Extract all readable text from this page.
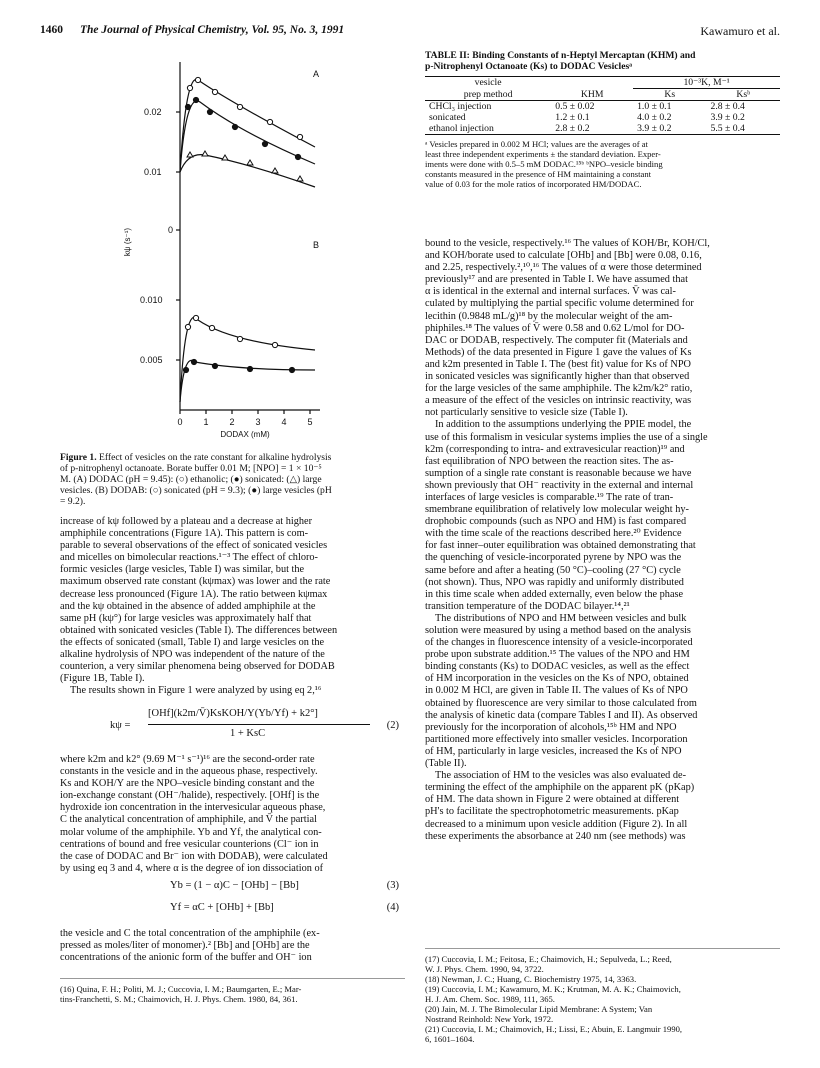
1460 The Journal of Physical Chemistry, Vol. 95, No. 3, 1991	Kawamuro et al.
A
B
0.02
0.01
0
0.010
0.005
kψ (s⁻¹)
0 1 2 3 4 5
DODAX (mM)
Figure 1. Effect of vesicles on the rate constant for alkaline hydrolysis
of p-nitrophenyl octanoate. Borate buffer 0.01 M; [NPO] = 1 × 10⁻⁵
M. (A) DODAC (pH = 9.45): (○) ethanolic; (●) sonicated: (△) large
vesicles. (B) DODAB: (○) sonicated (pH = 9.3); (●) large vesicles (pH
= 9.2).
increase of kψ followed by a plateau and a decrease at higher
amphiphile concentrations (Figure 1A). This pattern is com-
parable to several observations of the effect of sonicated vesicles
and micelles on bimolecular reactions.¹⁻³ The effect of chloro-
formic vesicles (large vesicles, Table I) was similar, but the
maximum observed rate constant (kψmax) was lower and the rate
decrease less pronounced (Figure 1A). The ratio between kψmax
and the kψ obtained in the absence of added amphiphile at the
same pH (kψ°) for large vesicles was approximately half that
obtained with sonicated vesicles (Table I). The differences between
the effects of sonicated (small, Table I) and large vesicles on the
alkaline hydrolysis of NPO was independent of the nature of the
counterion, a very similar phenomena being observed for DODAB
(Figure 1B, Table I).
The results shown in Figure 1 were analyzed by using eq 2,¹⁶
kψ =
[OHf](k2m/V̄)KsKOH/Y(Yb/Yf) + k2°]
1 + KsC
(2)
where k2m and k2° (9.69 M⁻¹ s⁻¹)¹⁶ are the second-order rate
constants in the vesicle and in the aqueous phase, respectively.
Ks and KOH/Y are the NPO–vesicle binding constant and the
ion-exchange constant (OH⁻/halide), respectively. [OHf] is the
hydroxide ion concentration in the intervesicular aqueous phase,
C the analytical concentration of amphiphile, and V̄ the partial
molar volume of the amphiphile. Yb and Yf, the analytical con-
centrations of bound and free vesicular counterions (Cl⁻ ion in
the case of DODAC and Br⁻ ion with DODAB), were calculated
by using eq 3 and 4, where α is the degree of ion dissociation of
Yb = (1 − α)C − [OHb] − [Bb]	(3)
Yf = αC + [OHb] + [Bb]	(4)
the vesicle and C the total concentration of the amphiphile (ex-
pressed as moles/liter of monomer).² [Bb] and [OHb] are the
concentrations of the anionic form of the buffer and OH⁻ ion
(16) Quina, F. H.; Politi, M. J.; Cuccovia, I. M.; Baumgarten, E.; Mar-
tins-Franchetti, S. M.; Chaimovich, H. J. Phys. Chem. 1980, 84, 361.
TABLE II: Binding Constants of n-Heptyl Mercaptan (KHM) and
p-Nitrophenyl Octanoate (Ks) to DODAC Vesiclesᵃ
vesicle		10⁻³K, M⁻¹	
prep method	KHM	Ks	Ksᵇ
CHCl₃ injection	0.5 ± 0.02	1.0 ± 0.1	2.8 ± 0.4
sonicated	1.2 ± 0.1	4.0 ± 0.2	3.9 ± 0.2
ethanol injection	2.8 ± 0.2	3.9 ± 0.2	5.5 ± 0.4
ᵃ Vesicles prepared in 0.002 M HCl; values are the averages of at
least three independent experiments ± the standard deviation. Exper-
iments were done with 0.5–5 mM DODAC.¹⁵ᵇ ᵇNPO–vesicle binding
constants measured in the presence of HM maintaining a constant
value of 0.03 for the mole ratios of incorporated HM/DODAC.
bound to the vesicle, respectively.¹⁶ The values of KOH/Br, KOH/Cl,
and KOH/borate used to calculate [OHb] and [Bb] were 0.08, 0.16,
and 2.25, respectively.²,¹⁰,¹⁶ The values of α were those determined
previously¹⁷ and are presented in Table I. We have assumed that
α is identical in the external and internal surfaces. V̄ was cal-
culated by multiplying the partial specific volume determined for
lecithin (0.9848 mL/g)¹⁸ by the molecular weight of the am-
phiphiles.¹⁸ The values of V̄ were 0.58 and 0.62 L/mol for DO-
DAC or DODAB, respectively. The computer fit (Materials and
Methods) of the data presented in Figure 1 gave the values of Ks
and k2m presented in Table I. The (best fit) value for Ks of NPO
in sonicated vesicles was significantly higher than that observed
for the large vesicles of the same amphiphile. The k2m/k2° ratio,
a measure of the effect of the vesicles on intrinsic reactivity, was
not particularly sensitive to vesicle size (Table I).
In addition to the assumptions underlying the PPIE model, the
use of this formalism in vesicular systems implies the use of a single
k2m (corresponding to intra- and extravesicular reaction)¹⁹ and
fast equilibration of NPO between the reaction sites. The as-
sumption of a single rate constant is reasonable because we have
shown previously that OH⁻ reactivity in the external and internal
interfaces of large vesicles is comparable.¹⁹ The rate of tran-
smembrane equilibration of relatively low molecular weight hy-
drophobic compounds (such as NPO and HM) is fast compared
with the time scale of the reactions described here.²⁰ Evidence
for fast inner–outer equilibration was obtained demonstrating that
the quenching of vesicle-incorporated pyrene by NPO was the
same before and after a heating (50 °C)–cooling (27 °C) cycle
(not shown). Thus, NPO was rapidly and uniformly distributed
in this time scale when added externally, even below the phase
transition temperature of the DODAC bilayer.¹⁴,²¹
The distributions of NPO and HM between vesicles and bulk
solution were measured by using a method based on the analysis
of the changes in fluorescence intensity of a vesicle-incorporated
probe upon substrate addition.¹⁵ The values of the NPO and HM
binding constants (Ks) to DODAC vesicles, as well as the effect
of HM incorporation in the vesicles on the Ks of NPO, obtained
in 0.002 M HCl, are given in Table II. The values of Ks of NPO
obtained by fluorescence are very similar to those calculated from
the analysis of kinetic data (compare Tables I and II). As observed
previously for the incorporation of alcohols,¹⁵ᵇ HM and NPO
partitioned more effectively into smaller vesicles. Incorporation
of HM, particularly in large vesicles, increased the Ks of NPO
(Table II).
The association of HM to the vesicles was also evaluated de-
termining the effect of the amphiphile on the apparent pK (pKap)
of HM. The data shown in Figure 2 were obtained at different
pH's to facilitate the spectrophotometric measurements. pKap
decreased to a minimum upon vesicle addition (Figure 2). In all
these experiments the absorbance at 240 nm (see methods) was
(17) Cuccovia, I. M.; Feitosa, E.; Chaimovich, H.; Sepulveda, L.; Reed,
W. J. Phys. Chem. 1990, 94, 3722.
(18) Newman, J. C.; Huang, C. Biochemistry 1975, 14, 3363.
(19) Cuccovia, I. M.; Kawamuro, M. K.; Krutman, M. A. K.; Chaimovich,
H. J. Am. Chem. Soc. 1989, 111, 365.
(20) Jain, M. J. The Bimolecular Lipid Membrane: A System; Van
Nostrand Reinhold: New York, 1972.
(21) Cuccovia, I. M.; Chaimovich, H.; Lissi, E.; Abuin, E. Langmuir 1990,
6, 1601–1604.
